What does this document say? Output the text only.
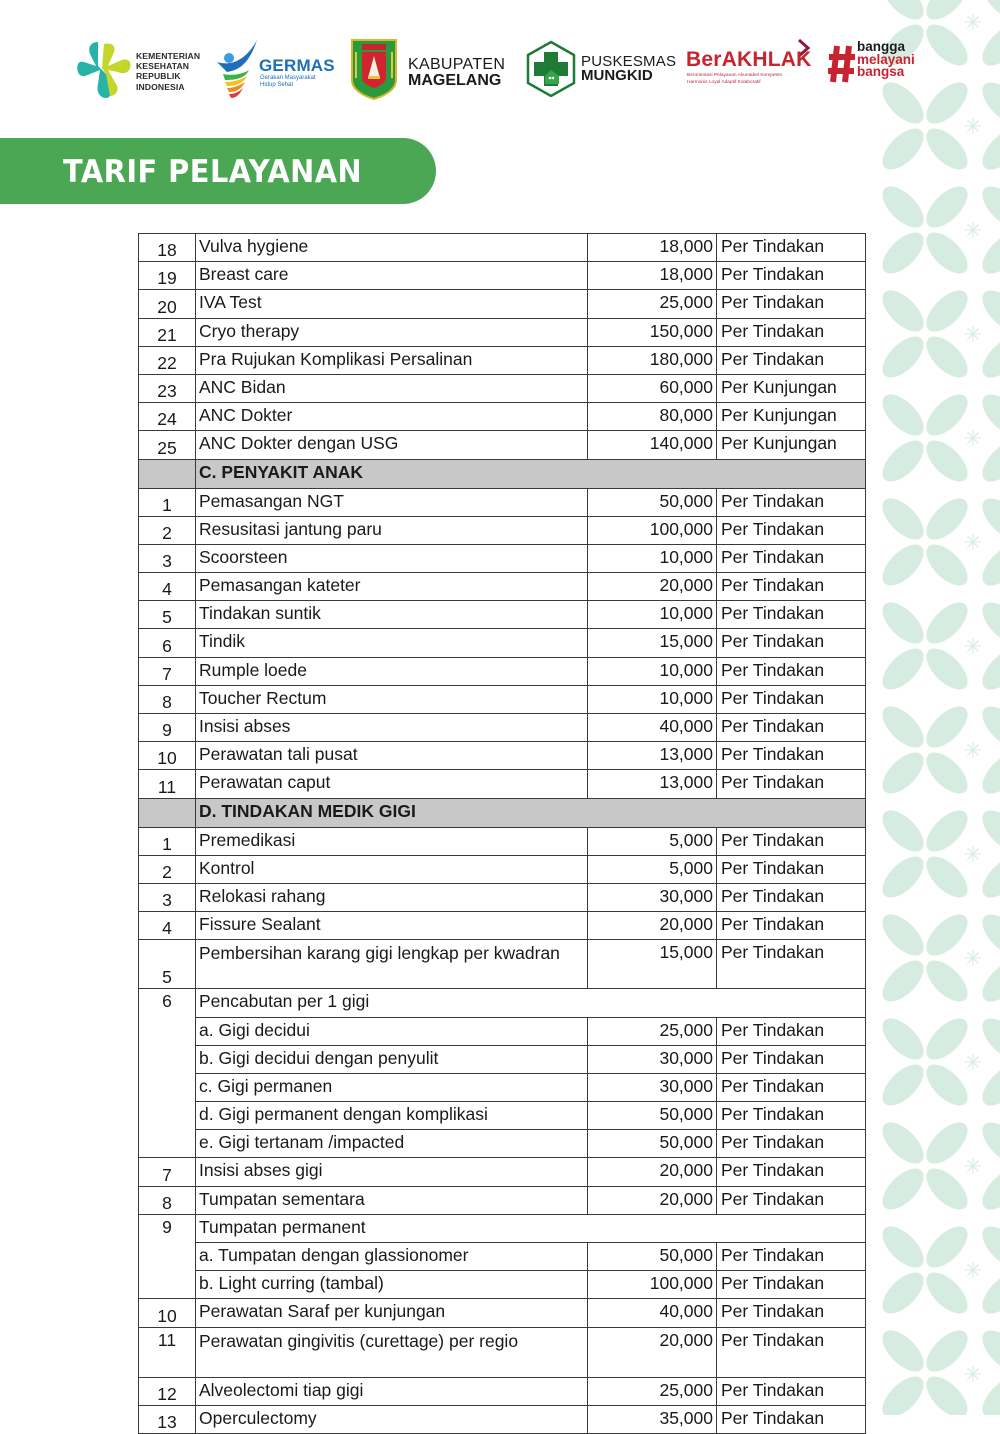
✳
✳
✳
✳
✳
✳
✳
✳
✳
✳
✳
✳
✳
✳
KEMENTERIAN
KESEHATAN
REPUBLIK
INDONESIA
GERMAS
Gerakan Masyarakat
Hidup Sehat
KABUPATEN
MAGELANG
PUSKESMAS
MUNGKID
BerAKHLAK
Berorientasi Pelayanan Akuntabel Kompeten
Harmonis Loyal Adaptif Kolaboratif
bangga
melayani
bangsa
TARIF PELAYANAN
18	Vulva hygiene	18,000	Per Tindakan
19	Breast care	18,000	Per Tindakan
20	IVA Test	25,000	Per Tindakan
21	Cryo therapy	150,000	Per Tindakan
22	Pra Rujukan Komplikasi Persalinan	180,000	Per Tindakan
23	ANC Bidan	60,000	Per Kunjungan
24	ANC Dokter	80,000	Per Kunjungan
25	ANC Dokter dengan USG	140,000	Per Kunjungan
	C. PENYAKIT ANAK		
1	Pemasangan NGT	50,000	Per Tindakan
2	Resusitasi jantung paru	100,000	Per Tindakan
3	Scoorsteen	10,000	Per Tindakan
4	Pemasangan kateter	20,000	Per Tindakan
5	Tindakan suntik	10,000	Per Tindakan
6	Tindik	15,000	Per Tindakan
7	Rumple loede	10,000	Per Tindakan
8	Toucher Rectum	10,000	Per Tindakan
9	Insisi abses	40,000	Per Tindakan
10	Perawatan tali pusat	13,000	Per Tindakan
11	Perawatan caput	13,000	Per Tindakan
	D. TINDAKAN MEDIK GIGI		
1	Premedikasi	5,000	Per Tindakan
2	Kontrol	5,000	Per Tindakan
3	Relokasi rahang	30,000	Per Tindakan
4	Fissure Sealant	20,000	Per Tindakan
5	Pembersihan karang gigi lengkap per kwadran	15,000	Per Tindakan
6	Pencabutan per 1 gigi		
	a. Gigi decidui	25,000	Per Tindakan
	b. Gigi decidui dengan penyulit	30,000	Per Tindakan
	c. Gigi permanen	30,000	Per Tindakan
	d. Gigi permanent dengan komplikasi	50,000	Per Tindakan
	e. Gigi tertanam /impacted	50,000	Per Tindakan
7	Insisi abses gigi	20,000	Per Tindakan
8	Tumpatan sementara	20,000	Per Tindakan
9	Tumpatan permanent		
	a. Tumpatan dengan glassionomer	50,000	Per Tindakan
	b. Light curring (tambal)	100,000	Per Tindakan
10	Perawatan Saraf per kunjungan	40,000	Per Tindakan
11	Perawatan gingivitis (curettage) per regio	20,000	Per Tindakan
12	Alveolectomi tiap gigi	25,000	Per Tindakan
13	Operculectomy	35,000	Per Tindakan
